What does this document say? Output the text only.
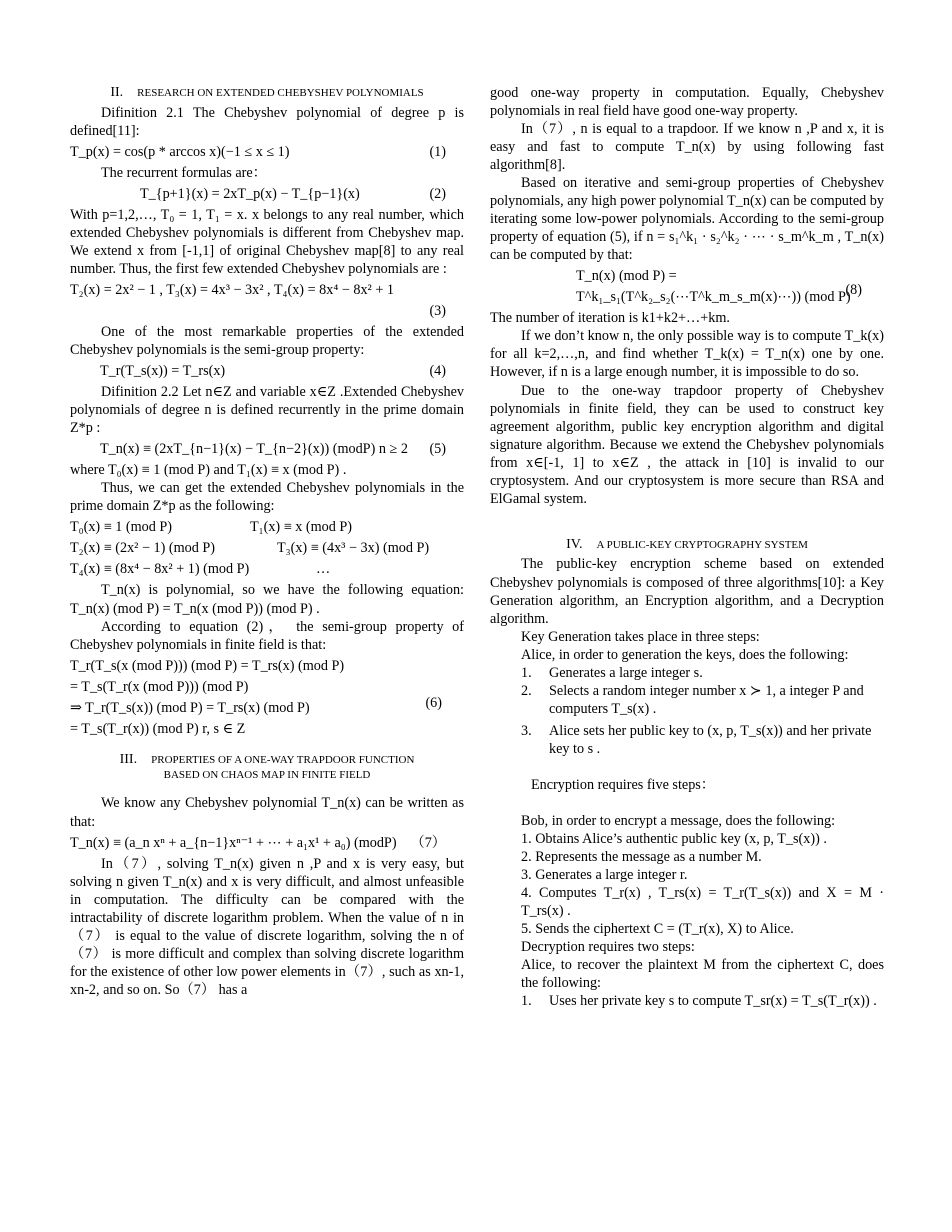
II. RESEARCH ON EXTENDED CHEBYSHEV POLYNOMIALS

Difinition 2.1 The Chebyshev polynomial of degree p is defined[11]:

T_p(x) = cos(p * arccos x)(−1 ≤ x ≤ 1)	(1)

The recurrent formulas are：

T_{p+1}(x) = 2xT_p(x) − T_{p−1}(x)	(2)

With p=1,2,…, T₀ = 1, T₁ = x. x belongs to any real number, which extended Chebyshev polynomials is different from Chebyshev map. We extend x from [-1,1] of original Chebyshev map[8] to any real number. Thus, the first few extended Chebyshev polynomials are :

T₂(x) = 2x² − 1 , T₃(x) = 4x³ − 3x² , T₄(x) = 8x⁴ − 8x² + 1
(3)

One of the most remarkable properties of the extended Chebyshev polynomials is the semi-group property:

T_r(T_s(x)) = T_rs(x)	(4)

Difinition 2.2 Let n∈Z and variable x∈Z .Extended Chebyshev polynomials of degree n is defined recurrently in the prime domain Z*p :

T_n(x) ≡ (2xT_{n−1}(x) − T_{n−2}(x)) (modP) n ≥ 2 (5)

where T₀(x) ≡ 1 (mod P) and T₁(x) ≡ x (mod P) .

Thus, we can get the extended Chebyshev polynomials in the prime domain Z*p as the following:

T₀(x) ≡ 1 (mod P)	T₁(x) ≡ x (mod P)
T₂(x) ≡ (2x² − 1) (mod P)	T₃(x) ≡ (4x³ − 3x) (mod P)
T₄(x) ≡ (8x⁴ − 8x² + 1) (mod P)	…

T_n(x) is polynomial, so we have the following equation: T_n(x) (mod P) = T_n(x (mod P)) (mod P) .

According to equation (2)， the semi-group property of Chebyshev polynomials in finite field is that:

T_r(T_s(x (mod P))) (mod P) = T_rs(x) (mod P)
= T_s(T_r(x (mod P))) (mod P)
⇒ T_r(T_s(x)) (mod P) = T_rs(x) (mod P)
= T_s(T_r(x)) (mod P) r, s ∈ Z
(6)
III. PROPERTIES OF A ONE-WAY TRAPDOOR FUNCTION
BASED ON CHAOS MAP IN FINITE FIELD

We know any Chebyshev polynomial T_n(x) can be written as that:

T_n(x) ≡ (a_n xⁿ + a_{n−1}xⁿ⁻¹ + ⋯ + a₁x¹ + a₀) (modP) （7）

In（7）, solving T_n(x) given n ,P and x is very easy, but solving n given T_n(x) and x is very difficult, and almost unfeasible in computation. The difficulty can be compared with the intractability of discrete logarithm problem. When the value of n in（7） is equal to the value of discrete logarithm, solving the n of（7） is more difficult and complex than solving discrete logarithm for the existence of other low power elements in（7）, such as xn-1, xn-2, and so on. So（7） has a

good one-way property in computation. Equally, Chebyshev polynomials in real field have good one-way property.

In（7）, n is equal to a trapdoor. If we know n ,P and x, it is easy and fast to compute T_n(x) by using following fast algorithm[8].

Based on iterative and semi-group properties of Chebyshev polynomials, any high power polynomial T_n(x) can be computed by iterating some low-power polynomials. According to the semi-group property of equation (5), if n = s₁^k₁ · s₂^k₂ · ⋯ · s_m^k_m , T_n(x) can be computed by that:

T_n(x) (mod P) =
T^k₁_s₁(T^k₂_s₂(⋯T^k_m_s_m(x)⋯)) (mod P)
(8)

The number of iteration is k1+k2+…+km.

If we don’t know n, the only possible way is to compute T_k(x) for all k=2,…,n, and find whether T_k(x) = T_n(x) one by one. However, if n is a large enough number, it is impossible to do so.

Due to the one-way trapdoor property of Chebyshev polynomials in finite field, they can be used to construct key agreement algorithm, public key encryption algorithm and digital signature algorithm. Because we extend the Chebyshev polynomials from x∈[-1, 1] to x∈Z , the attack in [10] is invalid to our cryptosystem. And our cryptosystem is more secure than RSA and ElGamal system.

IV. A PUBLIC-KEY CRYPTOGRAPHY SYSTEM

The public-key encryption scheme based on extended Chebyshev polynomials is composed of three algorithms[10]: a Key Generation algorithm, an Encryption algorithm, and a Decryption algorithm.

Key Generation takes place in three steps:

Alice, in order to generation the keys, does the following:

1. Generates a large integer s.
2. Selects a random integer number x ≻ 1, a integer P and computers T_s(x) .
3. Alice sets her public key to (x, p, T_s(x)) and her private key to s .

Encryption requires five steps：

Bob, in order to encrypt a message, does the following:

1. Obtains Alice’s authentic public key (x, p, T_s(x)) .

2. Represents the message as a number M.

3. Generates a large integer r.

4. Computes T_r(x) , T_rs(x) = T_r(T_s(x)) and X = M · T_rs(x) .

5. Sends the ciphertext C = (T_r(x), X) to Alice.

Decryption requires two steps:

Alice, to recover the plaintext M from the ciphertext C, does the following:

1. Uses her private key s to compute T_sr(x) = T_s(T_r(x)) .
